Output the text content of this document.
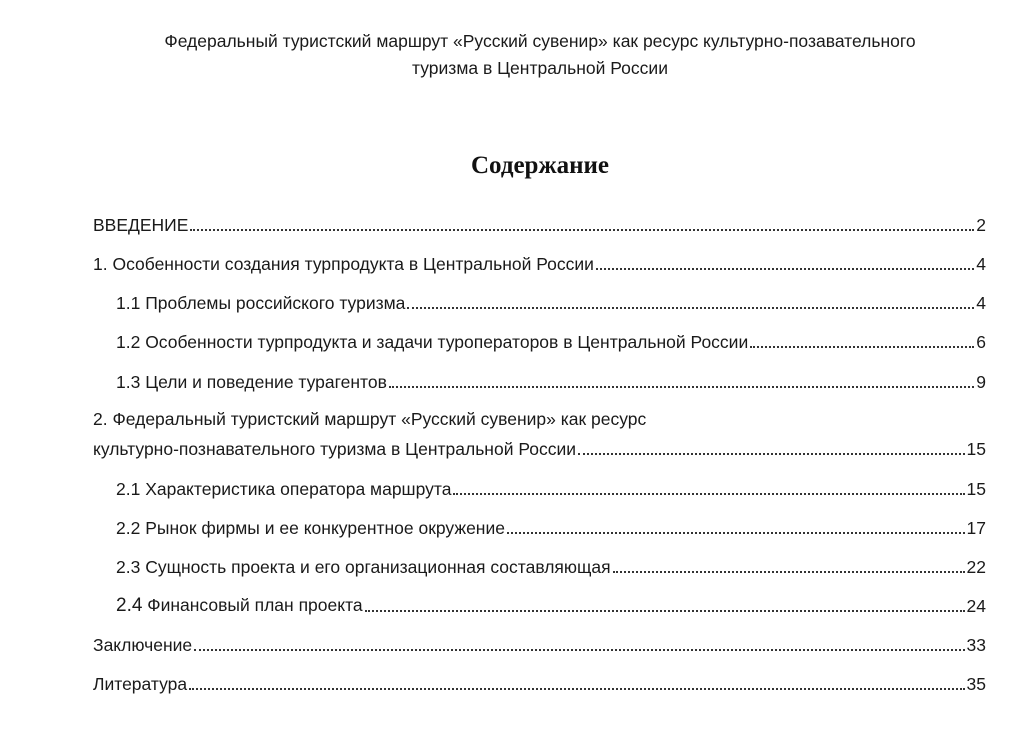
Федеральный туристский маршрут «Русский сувенир» как ресурс культурно-позавательного
туризма в Центральной России
Содержание
ВВЕДЕНИЕ	2
1. Особенности создания турпродукта в Центральной России	4
1.1 Проблемы российского туризма	4
1.2 Особенности турпродукта и задачи туроператоров в Центральной России	6
1.3 Цели и поведение турагентов	9
2. Федеральный туристский маршрут «Русский сувенир» как ресурс
культурно-познавательного туризма в Центральной России	15
2.1 Характеристика оператора маршрута	15
2.2 Рынок фирмы и ее конкурентное окружение	17
2.3 Сущность проекта и его организационная составляющая	22
2.4 Финансовый план проекта	24
Заключение	33
Литература	35
